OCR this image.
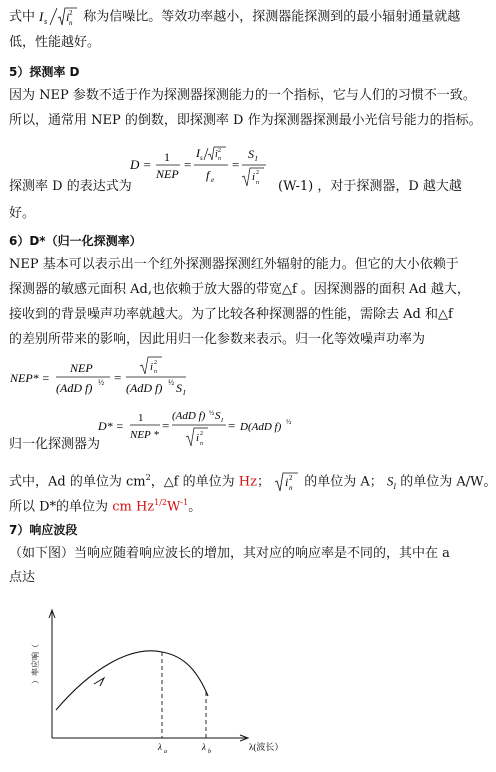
式中 I s i 2
n 称为信噪比。等效功率越小，探测器能探测到的最小辐射通量就越
低，性能越好。
5）探测率 D
因为 NEP 参数不适于作为探测器探测能力的一个指标，它与人们的习惯不一致。
所以，通常用 NEP 的倒数，即探测率 D 作为探测器探测最小光信号能力的指标。
D = 1
NEP
=
I s i 2
n
f e
=
S I
i 2
n
探测率 D 的表达式为	(W-1) ，对于探测器，D 越大越
好。
6）D*（归一化探测率）
NEP 基本可以表示出一个红外探测器探测红外辐射的能力。但它的大小依赖于
探测器的敏感元面积 Ad,也依赖于放大器的带宽△f 。因探测器的面积 Ad 越大，
接收到的背景噪声功率就越大。为了比较各种探测器的性能，需除去 Ad 和△f
的差别所带来的影响，因此用归一化参数来表示。归一化等效噪声功率为
NEP* =
NEP
(AdD f) ½ =
i 2
n
(AdD f) ½ S I
D* =
1
NEP *
=
(AdD f) ½ S I
i 2
n
= D(AdD f) ½
归一化探测器为
式中，Ad 的单位为 $cm^2$，△f 的单位为 Hz； i 2
n 的单位为 A； $S_I$ 的单位为 A/W。
所以 D*的单位为 cm $Hz^{1/2}W^{-1}$。
7）响应波段
（如下图）当响应随着响应波长的增加，其对应的响应率是不同的，其中在 a
点达
λ a	λ b	λ(波长）
）率应响（
